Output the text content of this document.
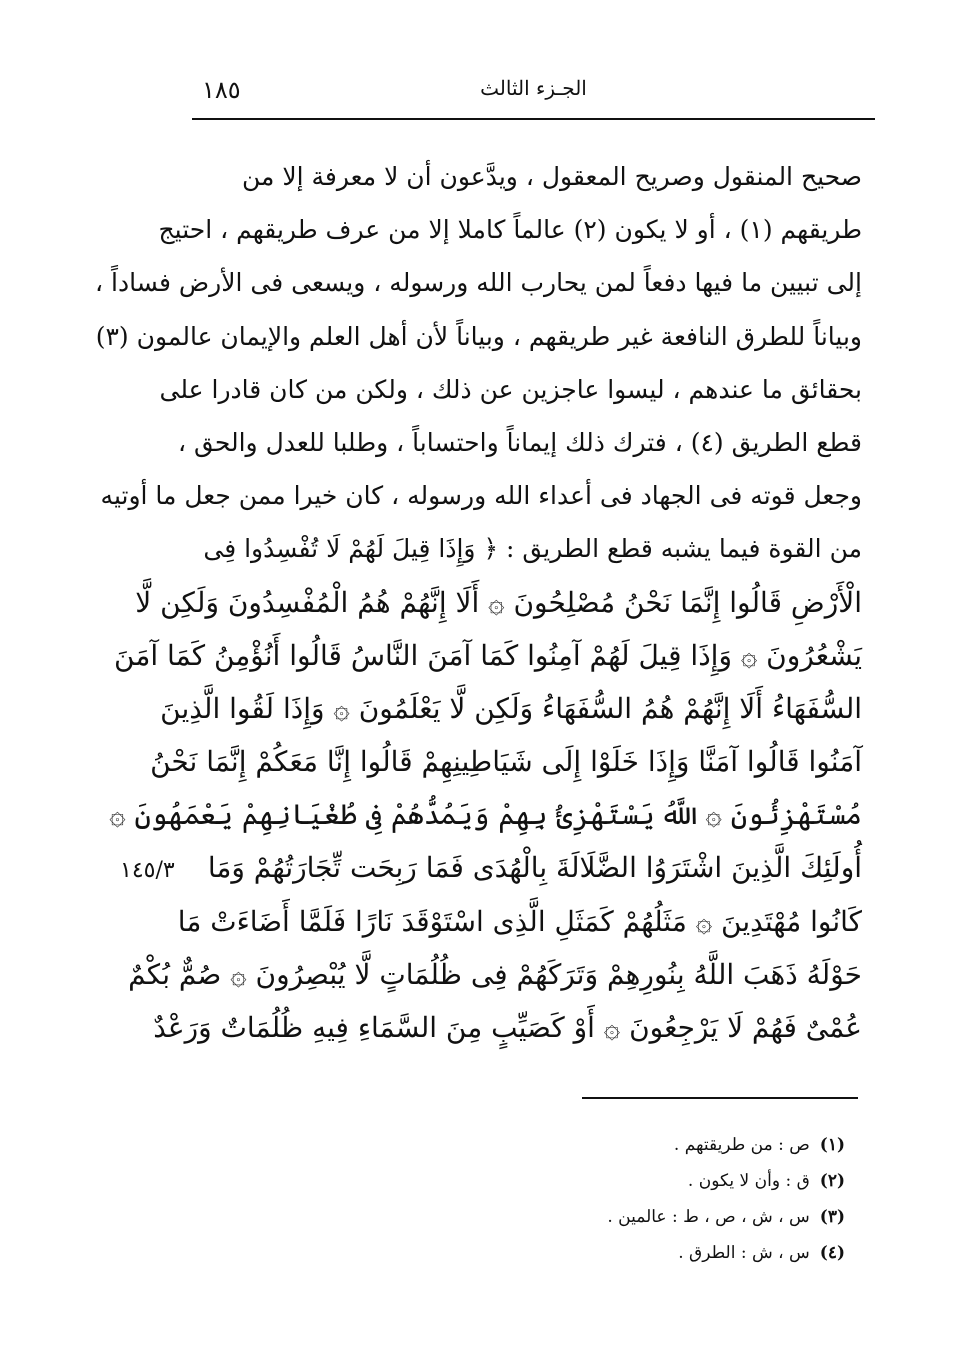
١٨٥	الجـزء الثالث
صحيح المنقول وصريح المعقول ، ويدَّعون أن لا معرفة إلا من
طريقهم (١) ، أو لا يكون (٢) عالماً كاملا إلا من عرف طريقهم ، احتيج
إلى تبيين ما فيها دفعاً لمن يحارب الله ورسوله ، ويسعى فى الأرض فساداً ،
وبياناً للطرق النافعة غير طريقهم ، وبياناً لأن أهل العلم والإيمان عالمون (٣)
بحقائق ما عندهم ، ليسوا عاجزين عن ذلك ، ولكن من كان قادرا على
قطع الطريق (٤) ، فترك ذلك إيماناً واحتساباً ، وطلبا للعدل والحق ،
وجعل قوته فى الجهاد فى أعداء الله ورسوله ، كان خيرا ممن جعل ما أوتيه
من القوة فيما يشبه قطع الطريق : ﴿ وَإِذَا قِيلَ لَهُمْ لَا تُفْسِدُوا فِى
الْأَرْضِ قَالُوا إِنَّمَا نَحْنُ مُصْلِحُونَ ۞ أَلَا إِنَّهُمْ هُمُ الْمُفْسِدُونَ وَلَكِن لَّا
يَشْعُرُونَ ۞ وَإِذَا قِيلَ لَهُمْ آمِنُوا كَمَا آمَنَ النَّاسُ قَالُوا أَنُؤْمِنُ كَمَا آمَنَ
السُّفَهَاءُ أَلَا إِنَّهُمْ هُمُ السُّفَهَاءُ وَلَكِن لَّا يَعْلَمُونَ ۞ وَإِذَا لَقُوا الَّذِينَ
آمَنُوا قَالُوا آمَنَّا وَإِذَا خَلَوْا إِلَى شَيَاطِينِهِمْ قَالُوا إِنَّا مَعَكُمْ إِنَّمَا نَحْنُ
مُسْتَهْزِئُونَ ۞ اللَّهُ يَسْتَهْزِئُ بِهِمْ وَيَمُدُّهُمْ فِى طُغْيَانِهِمْ يَعْمَهُونَ ۞
أُولَئِكَ الَّذِينَ اشْتَرَوُا الضَّلَالَةَ بِالْهُدَى فَمَا رَبِحَت تِّجَارَتُهُمْ وَمَا
كَانُوا مُهْتَدِينَ ۞ مَثَلُهُمْ كَمَثَلِ الَّذِى اسْتَوْقَدَ نَارًا فَلَمَّا أَضَاءَتْ مَا
حَوْلَهُ ذَهَبَ اللَّهُ بِنُورِهِمْ وَتَرَكَهُمْ فِى ظُلُمَاتٍ لَّا يُبْصِرُونَ ۞ صُمٌّ بُكْمٌ
عُمْىٌ فَهُمْ لَا يَرْجِعُونَ ۞ أَوْ كَصَيِّبٍ مِنَ السَّمَاءِ فِيهِ ظُلُمَاتٌ وَرَعْدٌ
١٤٥/٣
(١)ص : من طريقتهم .
(٢)ق : وأن لا يكون .
(٣)س ، ش ، ص ، ط : عالمين .
(٤)س ، ش : الطرق .
